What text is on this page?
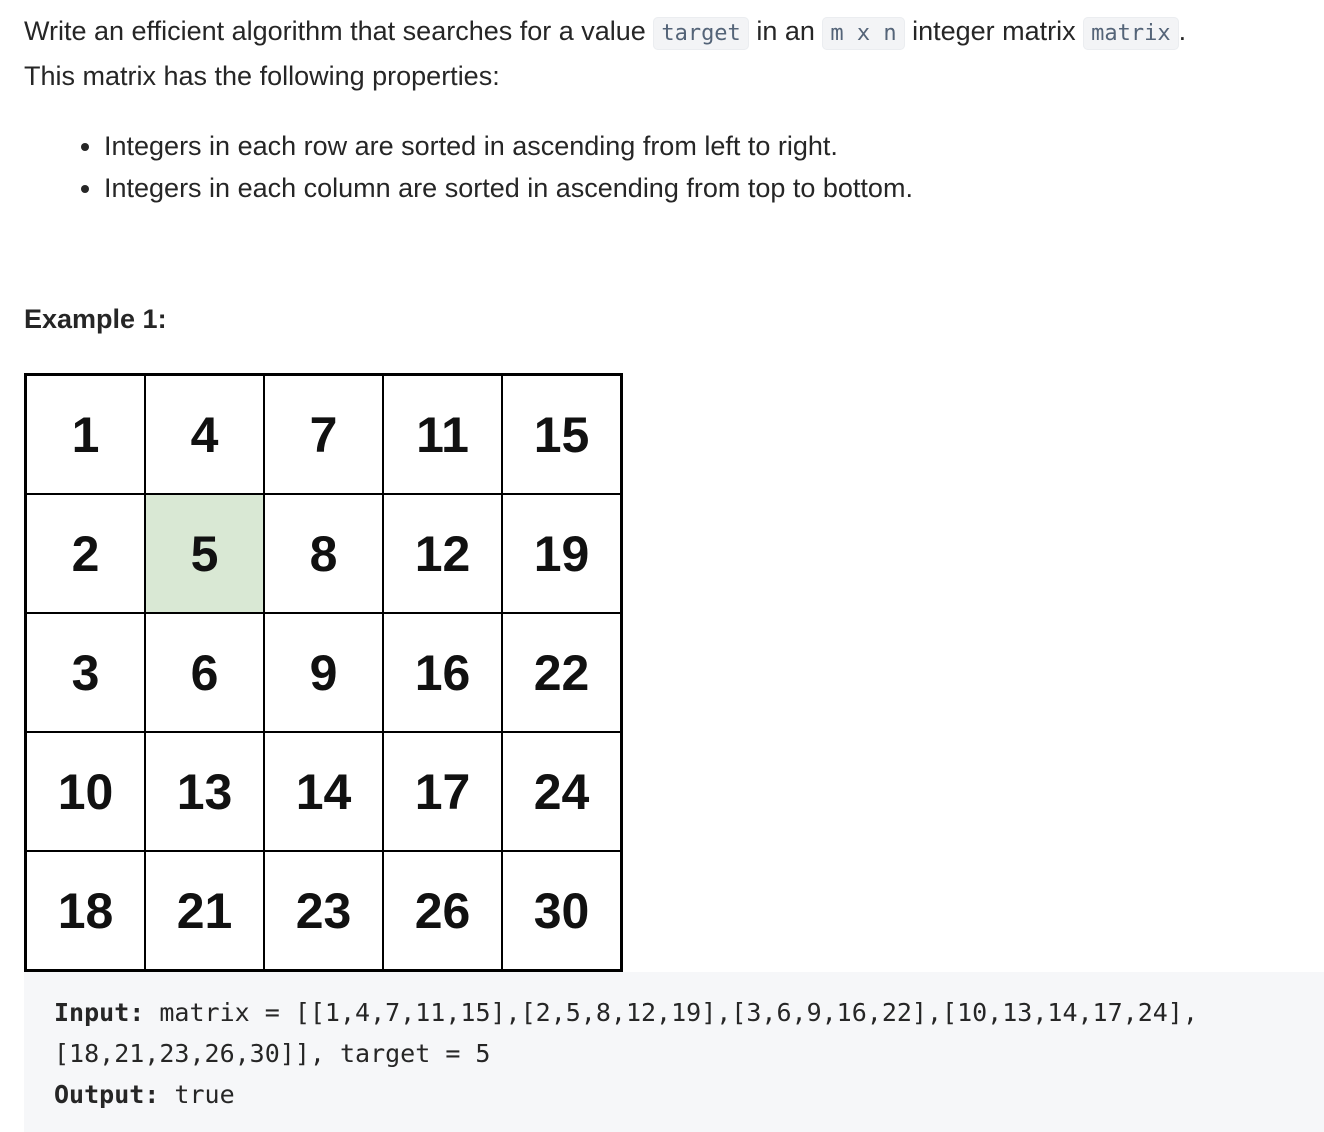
Write an efficient algorithm that searches for a value target in an m x n integer matrix matrix .
This matrix has the following properties:

• Integers in each row are sorted in ascending from left to right.
• Integers in each column are sorted in ascending from top to bottom.

Example 1:

1	4	7	11	15
2	5	8	12	19
3	6	9	16	22
10	13	14	17	24
18	21	23	26	30
Input: matrix = [[1,4,7,11,15],[2,5,8,12,19],[3,6,9,16,22],[10,13,14,17,24],
[18,21,23,26,30]], target = 5
Output: true
